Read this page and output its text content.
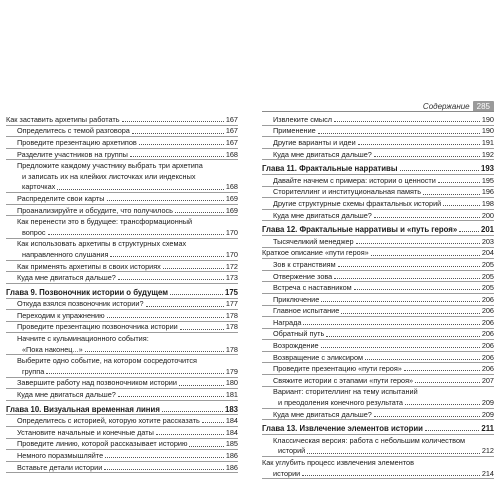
Содержание 285
Как заставить архетипы работать	167
Определитесь с темой разговора	167
Проведите презентацию архетипов	167
Разделите участников на группы	168
Предложите каждому участнику выбрать три архетипа
и записать их на клейких листочках или индексных
карточках	168
Распределите свои карты	169
Проанализируйте и обсудите, что получилось	169
Как перенести это в будущее: трансформационный
вопрос	170
Как использовать архетипы в структурных схемах
направленного слушания	170
Как применять архетипы в своих историях	172
Куда мне двигаться дальше?	173
Глава 9. Позвоночник истории о будущем	175
Откуда взялся позвоночник истории?	177
Переходим к упражнению	178
Проведите презентацию позвоночника истории	178
Начните с кульминационного события:
«Пока наконец...»	178
Выберите одно событие, на котором сосредоточится
группа	179
Завершите работу над позвоночником истории	180
Куда мне двигаться дальше?	181
Глава 10. Визуальная временная линия	183
Определитесь с историей, которую хотите рассказать	184
Установите начальные и конечные даты	184
Проведите линию, которой рассказывает историю	185
Немного поразмышляйте	186
Вставьте детали истории	186
Извлеките смысл	190
Применение	190
Другие варианты и идеи	191
Куда мне двигаться дальше?	192
Глава 11. Фрактальные нарративы	193
Давайте начнем с примера: истории о ценности	195
Сторителлинг и институциональная память	196
Другие структурные схемы фрактальных историй	198
Куда мне двигаться дальше?	200
Глава 12. Фрактальные нарративы и «путь героя»	201
Тысячеликий менеджер	203
Краткое описание «пути героя»	204
Зов к странствиям	205
Отвержение зова	205
Встреча с наставником	205
Приключение	206
Главное испытание	206
Награда	206
Обратный путь	206
Возрождение	206
Возвращение с эликсиром	206
Проведите презентацию «пути героя»	206
Свяжите истории с этапами «пути героя»	207
Вариант: сторителлинг на тему испытаний
и преодоления конечного результата	209
Куда мне двигаться дальше?	209
Глава 13. Извлечение элементов истории	211
Классическая версия: работа с небольшим количеством
историй	212
Как углубить процесс извлечения элементов
истории	214
